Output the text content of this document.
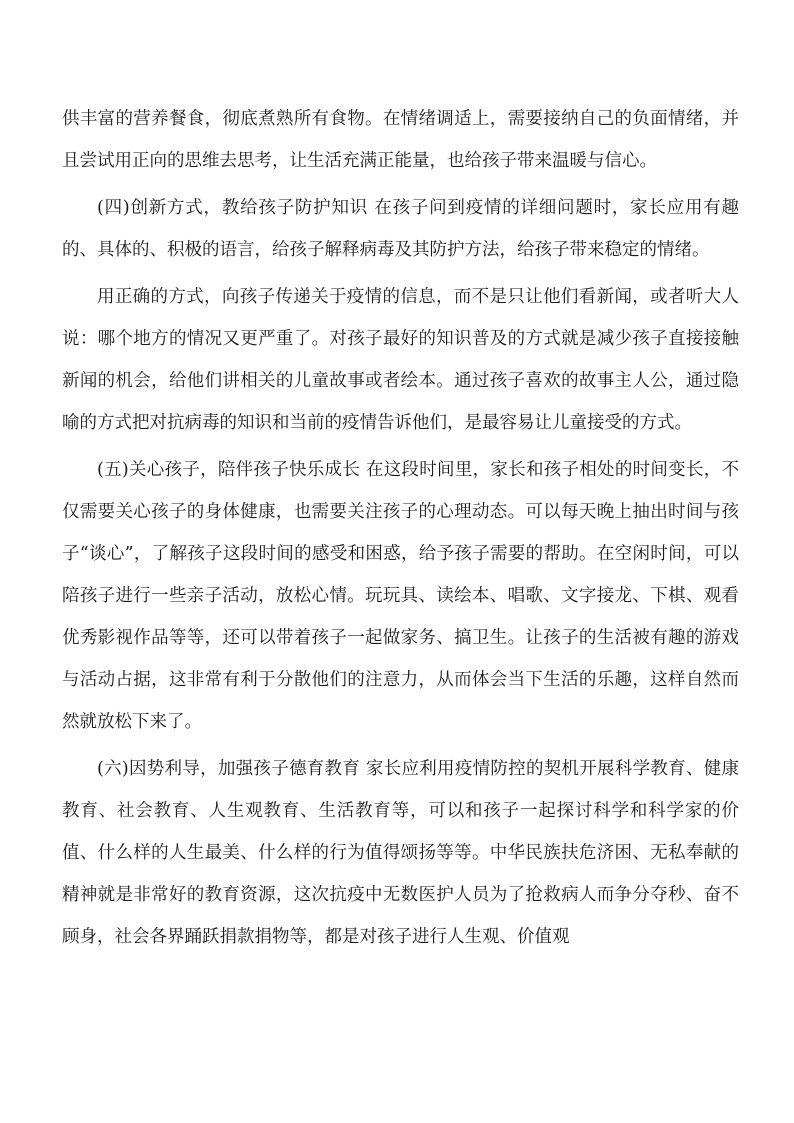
供丰富的营养餐食，彻底煮熟所有食物。在情绪调适上，需要接纳自己的负面情绪，并且尝试用正向的思维去思考，让生活充满正能量，也给孩子带来温暖与信心。

(四)创新方式，教给孩子防护知识 在孩子问到疫情的详细问题时，家长应用有趣的、具体的、积极的语言，给孩子解释病毒及其防护方法，给孩子带来稳定的情绪。

用正确的方式，向孩子传递关于疫情的信息，而不是只让他们看新闻，或者听大人说：哪个地方的情况又更严重了。对孩子最好的知识普及的方式就是减少孩子直接接触新闻的机会，给他们讲相关的儿童故事或者绘本。通过孩子喜欢的故事主人公，通过隐喻的方式把对抗病毒的知识和当前的疫情告诉他们，是最容易让儿童接受的方式。

(五)关心孩子，陪伴孩子快乐成长 在这段时间里，家长和孩子相处的时间变长，不仅需要关心孩子的身体健康，也需要关注孩子的心理动态。可以每天晚上抽出时间与孩子“谈心”，了解孩子这段时间的感受和困惑，给予孩子需要的帮助。在空闲时间，可以陪孩子进行一些亲子活动，放松心情。玩玩具、读绘本、唱歌、文字接龙、下棋、观看优秀影视作品等等，还可以带着孩子一起做家务、搞卫生。让孩子的生活被有趣的游戏与活动占据，这非常有利于分散他们的注意力，从而体会当下生活的乐趣，这样自然而然就放松下来了。

(六)因势利导，加强孩子德育教育 家长应利用疫情防控的契机开展科学教育、健康教育、社会教育、人生观教育、生活教育等，可以和孩子一起探讨科学和科学家的价值、什么样的人生最美、什么样的行为值得颂扬等等。中华民族扶危济困、无私奉献的精神就是非常好的教育资源，这次抗疫中无数医护人员为了抢救病人而争分夺秒、奋不顾身，社会各界踊跃捐款捐物等，都是对孩子进行人生观、价值观
